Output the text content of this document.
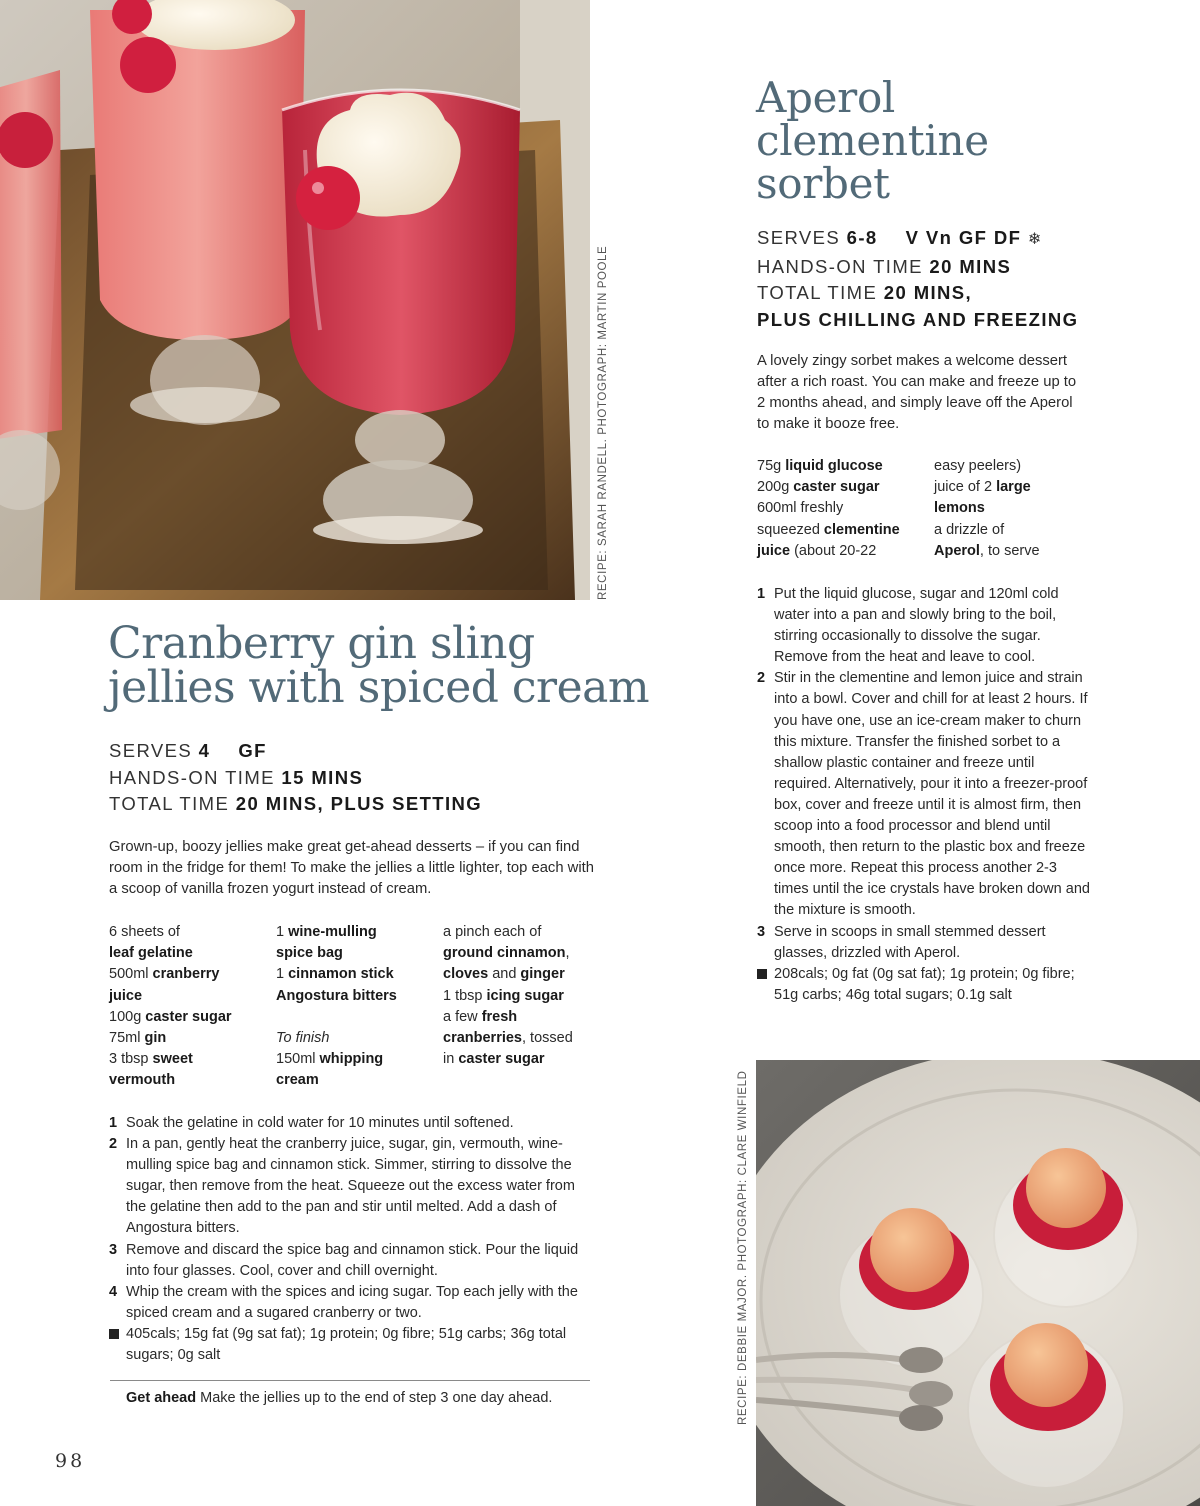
RECIPE: SARAH RANDELL. PHOTOGRAPH: MARTIN POOLE
Cranberry gin sling
jellies with spiced cream
SERVES 4 GF
HANDS-ON TIME 15 MINS
TOTAL TIME 20 MINS, PLUS SETTING

Grown-up, boozy jellies make great get-ahead desserts – if you can find room in the fridge for them! To make the jellies a little lighter, top each with a scoop of vanilla frozen yogurt instead of cream.

6 sheets of
leaf gelatine
500ml cranberry
juice
100g caster sugar
75ml gin
3 tbsp sweet
vermouth
1 wine-mulling
spice bag
1 cinnamon stick
Angostura bitters

To finish
150ml whipping
cream
a pinch each of
ground cinnamon,
cloves and ginger
1 tbsp icing sugar
a few fresh
cranberries, tossed
in caster sugar
1 Soak the gelatine in cold water for 10 minutes until softened.
2 In a pan, gently heat the cranberry juice, sugar, gin, vermouth, wine-mulling spice bag and cinnamon stick. Simmer, stirring to dissolve the sugar, then remove from the heat. Squeeze out the excess water from the gelatine then add to the pan and stir until melted. Add a dash of Angostura bitters.
3 Remove and discard the spice bag and cinnamon stick. Pour the liquid into four glasses. Cool, cover and chill overnight.
4 Whip the cream with the spices and icing sugar. Top each jelly with the spiced cream and a sugared cranberry or two.
405cals; 15g fat (9g sat fat); 1g protein; 0g fibre; 51g carbs; 36g total sugars; 0g salt
Get ahead Make the jellies up to the end of step 3 one day ahead.
98
Aperol
clementine
sorbet
SERVES 6-8 V Vn GF DF ❄
HANDS-ON TIME 20 MINS
TOTAL TIME 20 MINS,
PLUS CHILLING AND FREEZING

A lovely zingy sorbet makes a welcome dessert after a rich roast. You can make and freeze up to 2 months ahead, and simply leave off the Aperol to make it booze free.

75g liquid glucose
200g caster sugar
600ml freshly
squeezed clementine
juice (about 20-22
easy peelers)
juice of 2 large
lemons
a drizzle of
Aperol, to serve
1 Put the liquid glucose, sugar and 120ml cold water into a pan and slowly bring to the boil, stirring occasionally to dissolve the sugar. Remove from the heat and leave to cool.
2 Stir in the clementine and lemon juice and strain into a bowl. Cover and chill for at least 2 hours. If you have one, use an ice-cream maker to churn this mixture. Transfer the finished sorbet to a shallow plastic container and freeze until required. Alternatively, pour it into a freezer-proof box, cover and freeze until it is almost firm, then scoop into a food processor and blend until smooth, then return to the plastic box and freeze once more. Repeat this process another 2-3 times until the ice crystals have broken down and the mixture is smooth.
3 Serve in scoops in small stemmed dessert glasses, drizzled with Aperol.
208cals; 0g fat (0g sat fat); 1g protein; 0g fibre; 51g carbs; 46g total sugars; 0.1g salt
RECIPE: DEBBIE MAJOR. PHOTOGRAPH: CLARE WINFIELD
